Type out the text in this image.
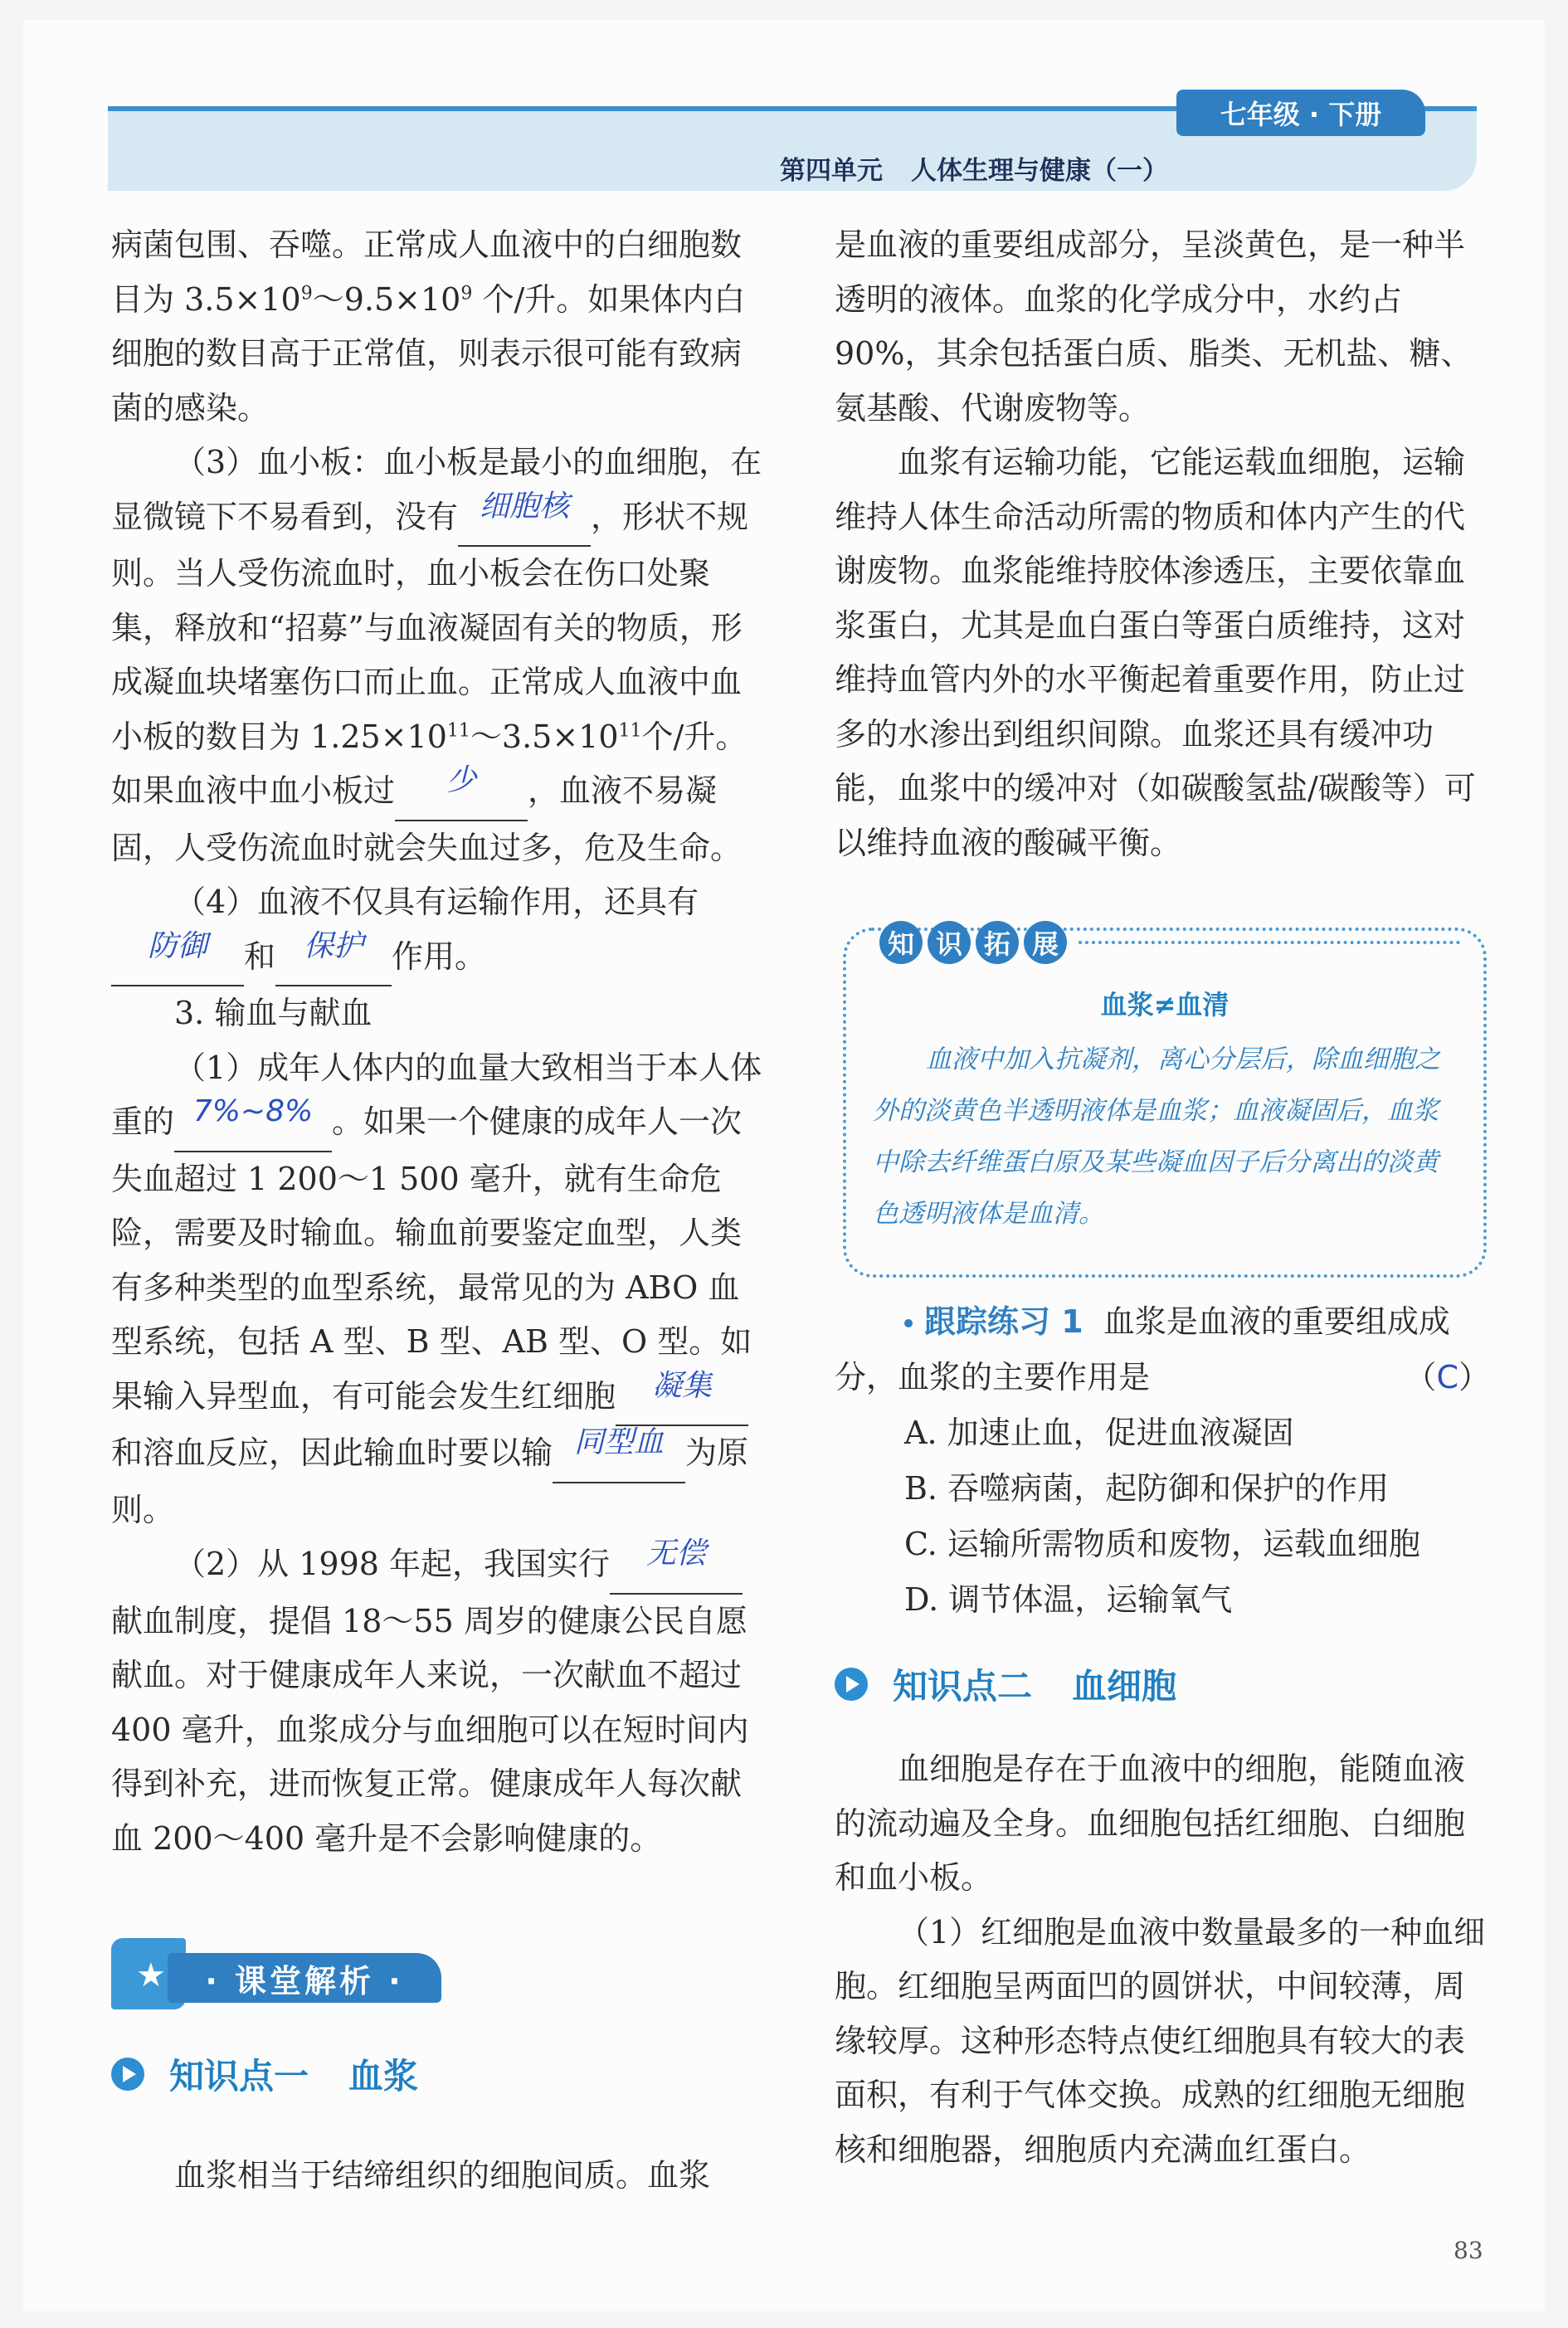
七年级 · 下册
第四单元 人体生理与健康（一）

病菌包围、吞噬。正常成人血液中的白细胞数目为 $3.5\times 10^9\sim 9.5\times 10^9$ 个/升。如果体内白细胞的数目高于正常值，则表示很可能有致病菌的感染。

（3）血小板：血小板是最小的血细胞，在显微镜下不易看到，没有 细胞核 ，形状不规则。当人受伤流血时，血小板会在伤口处聚集，释放和“招募”与血液凝固有关的物质，形成凝血块堵塞伤口而止血。正常成人血液中血小板的数目为 $1.25\times 10^{11}\sim 3.5\times 10^{11}$个/升。如果血液中血小板过 少 ，血液不易凝固，人受伤流血时就会失血过多，危及生命。

（4）血液不仅具有运输作用，还具有防御 和 保护 作用。

3. 输血与献血

（1）成年人体内的血量大致相当于本人体重的 7%~8% 。如果一个健康的成年人一次失血超过 1 200～1 500 毫升，就有生命危险，需要及时输血。输血前要鉴定血型，人类有多种类型的血型系统，最常见的为 ABO 血型系统，包括 A 型、B 型、AB 型、O 型。如果输入异型血，有可能会发生红细胞 凝集和溶血反应，因此输血时要以输 同型血 为原则。

（2）从 1998 年起，我国实行 无偿献血制度，提倡 18～55 周岁的健康公民自愿献血。对于健康成年人来说，一次献血不超过 400 毫升，血浆成分与血细胞可以在短时间内得到补充，进而恢复正常。健康成年人每次献血 200～400 毫升是不会影响健康的。

★
· 课堂解析 ·
知识点一 血浆

血浆相当于结缔组织的细胞间质。血浆

是血液的重要组成部分，呈淡黄色，是一种半透明的液体。血浆的化学成分中，水约占 90%，其余包括蛋白质、脂类、无机盐、糖、氨基酸、代谢废物等。

血浆有运输功能，它能运载血细胞，运输维持人体生命活动所需的物质和体内产生的代谢废物。血浆能维持胶体渗透压，主要依靠血浆蛋白，尤其是血白蛋白等蛋白质维持，这对维持血管内外的水平衡起着重要作用，防止过多的水渗出到组织间隙。血浆还具有缓冲功能，血浆中的缓冲对（如碳酸氢盐/碳酸等）可以维持血液的酸碱平衡。

知 识 拓 展
血浆≠血清
血液中加入抗凝剂，离心分层后，除血细胞之外的淡黄色半透明液体是血浆；血液凝固后，血浆中除去纤维蛋白原及某些凝血因子后分离出的淡黄色透明液体是血清。
跟踪练习 1 血浆是血液的重要组成成分，血浆的主要作用是	（C）
A. 加速止血，促进血液凝固
B. 吞噬病菌，起防御和保护的作用
C. 运输所需物质和废物，运载血细胞
D. 调节体温，运输氧气
知识点二 血细胞

血细胞是存在于血液中的细胞，能随血液的流动遍及全身。血细胞包括红细胞、白细胞和血小板。

（1）红细胞是血液中数量最多的一种血细胞。红细胞呈两面凹的圆饼状，中间较薄，周缘较厚。这种形态特点使红细胞具有较大的表面积，有利于气体交换。成熟的红细胞无细胞核和细胞器，细胞质内充满血红蛋白。

83
